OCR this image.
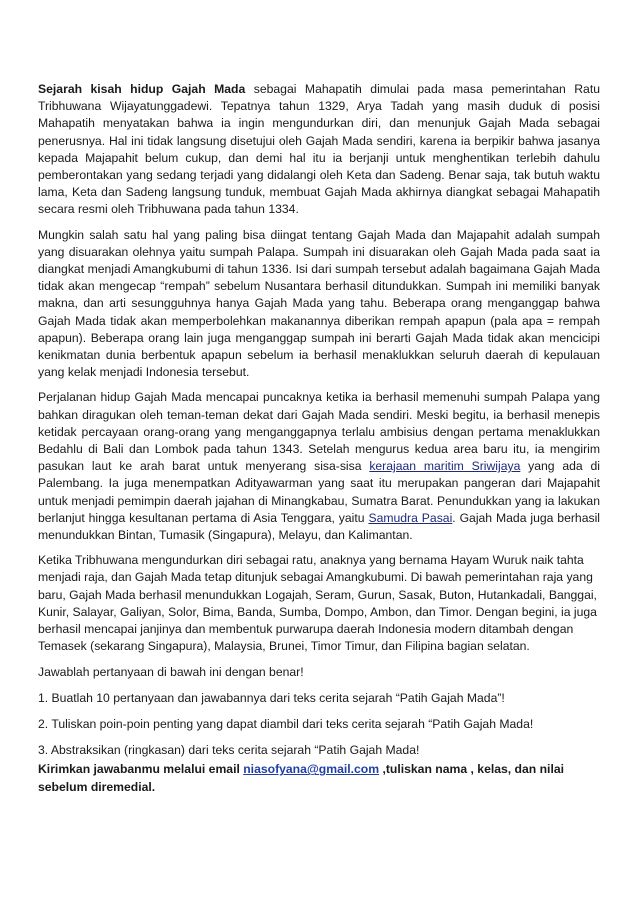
Sejarah kisah hidup Gajah Mada sebagai Mahapatih dimulai pada masa pemerintahan Ratu Tribhuwana Wijayatunggadewi. Tepatnya tahun 1329, Arya Tadah yang masih duduk di posisi Mahapatih menyatakan bahwa ia ingin mengundurkan diri, dan menunjuk Gajah Mada sebagai penerusnya. Hal ini tidak langsung disetujui oleh Gajah Mada sendiri, karena ia berpikir bahwa jasanya kepada Majapahit belum cukup, dan demi hal itu ia berjanji untuk menghentikan terlebih dahulu pemberontakan yang sedang terjadi yang didalangi oleh Keta dan Sadeng. Benar saja, tak butuh waktu lama, Keta dan Sadeng langsung tunduk, membuat Gajah Mada akhirnya diangkat sebagai Mahapatih secara resmi oleh Tribhuwana pada tahun 1334.

Mungkin salah satu hal yang paling bisa diingat tentang Gajah Mada dan Majapahit adalah sumpah yang disuarakan olehnya yaitu sumpah Palapa. Sumpah ini disuarakan oleh Gajah Mada pada saat ia diangkat menjadi Amangkubumi di tahun 1336. Isi dari sumpah tersebut adalah bagaimana Gajah Mada tidak akan mengecap “rempah” sebelum Nusantara berhasil ditundukkan. Sumpah ini memiliki banyak makna, dan arti sesungguhnya hanya Gajah Mada yang tahu. Beberapa orang menganggap bahwa Gajah Mada tidak akan memperbolehkan makanannya diberikan rempah apapun (pala apa = rempah apapun). Beberapa orang lain juga menganggap sumpah ini berarti Gajah Mada tidak akan mencicipi kenikmatan dunia berbentuk apapun sebelum ia berhasil menaklukkan seluruh daerah di kepulauan yang kelak menjadi Indonesia tersebut.

Perjalanan hidup Gajah Mada mencapai puncaknya ketika ia berhasil memenuhi sumpah Palapa yang bahkan diragukan oleh teman-teman dekat dari Gajah Mada sendiri. Meski begitu, ia berhasil menepis ketidak percayaan orang-orang yang menganggapnya terlalu ambisius dengan pertama menaklukkan Bedahlu di Bali dan Lombok pada tahun 1343. Setelah mengurus kedua area baru itu, ia mengirim pasukan laut ke arah barat untuk menyerang sisa-sisa kerajaan maritim Sriwijaya yang ada di Palembang. Ia juga menempatkan Adityawarman yang saat itu merupakan pangeran dari Majapahit untuk menjadi pemimpin daerah jajahan di Minangkabau, Sumatra Barat. Penundukkan yang ia lakukan berlanjut hingga kesultanan pertama di Asia Tenggara, yaitu Samudra Pasai. Gajah Mada juga berhasil menundukkan Bintan, Tumasik (Singapura), Melayu, dan Kalimantan.

Ketika Tribhuwana mengundurkan diri sebagai ratu, anaknya yang bernama Hayam Wuruk naik tahta menjadi raja, dan Gajah Mada tetap ditunjuk sebagai Amangkubumi. Di bawah pemerintahan raja yang baru, Gajah Mada berhasil menundukkan Logajah, Seram, Gurun, Sasak, Buton, Hutankadali, Banggai, Kunir, Salayar, Galiyan, Solor, Bima, Banda, Sumba, Dompo, Ambon, dan Timor. Dengan begini, ia juga berhasil mencapai janjinya dan membentuk purwarupa daerah Indonesia modern ditambah dengan Temasek (sekarang Singapura), Malaysia, Brunei, Timor Timur, dan Filipina bagian selatan.

Jawablah pertanyaan di bawah ini dengan benar!

1. Buatlah 10 pertanyaan dan jawabannya dari teks cerita sejarah “Patih Gajah Mada”!

2. Tuliskan poin-poin penting yang dapat diambil dari teks cerita sejarah “Patih Gajah Mada!

3. Abstraksikan (ringkasan) dari teks cerita sejarah “Patih Gajah Mada!

Kirimkan jawabanmu melalui email niasofyana@gmail.com ,tuliskan nama , kelas, dan nilai sebelum diremedial.
